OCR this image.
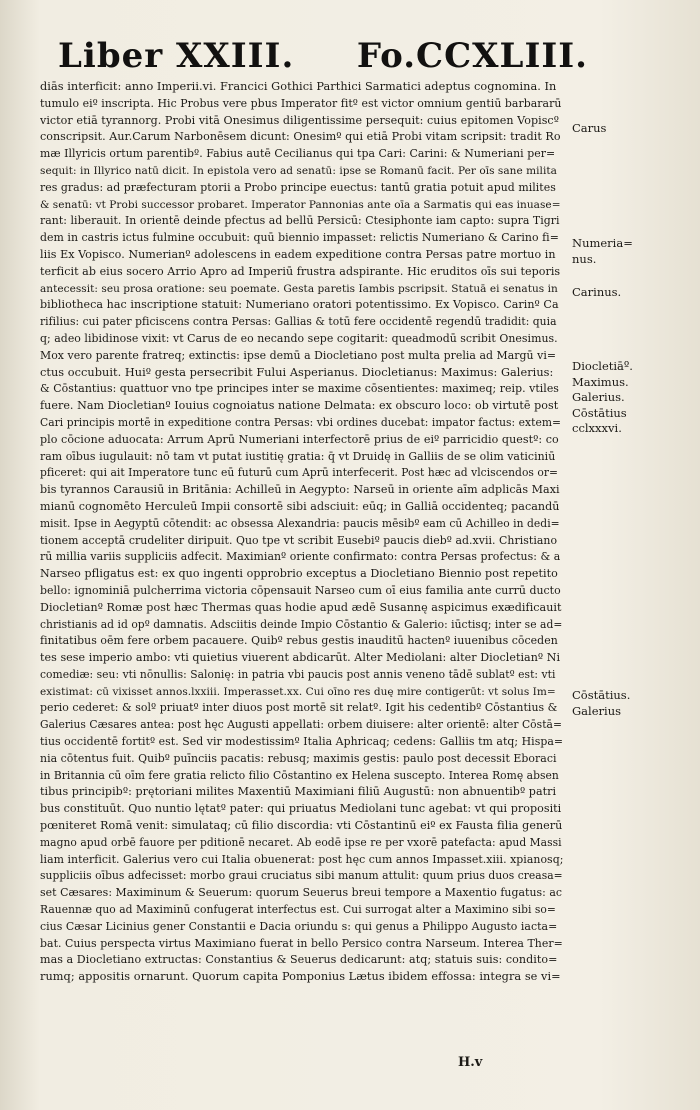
Liber XXIII. Fo.CCXLIII.
diās interficit: anno Imperii.vi. Francici Gothici Parthici Sarmatici adeptus cognomina. In
tumulo eiº inscripta. Hic Probus vere pbus Imperator fitº est victor omnium gentiū barbararū
victor etiā tyrannorg. Probi vitā Onesimus diligentissime persequit: cuius epitomen Vopiscº
conscripsit. Aur.Carum Narbonēsem dicunt: Onesimº qui etiā Probi vitam scripsit: tradit Ro
mæ Illyricis ortum parentibº. Fabius autē Cecilianus qui tpa Cari: Carini: & Numeriani per=
sequit: in Illyrico natū dicit. In epistola vero ad senatū: ipse se Romanū facit. Per oīs sane milita
res gradus: ad præfecturam ptorii a Probo principe euectus: tantū gratia potuit apud milites
& senatū: vt Probi successor probaret. Imperator Pannonias ante oīa a Sarmatis qui eas inuase=
rant: liberauit. In orientē deinde pfectus ad bellū Persicū: Ctesiphonte iam capto: supra Tigri
dem in castris ictus fulmine occubuit: quū biennio impasset: relictis Numeriano & Carino fi=
liis Ex Vopisco. Numerianº adolescens in eadem expeditione contra Persas patre mortuo in
terficit ab eius socero Arrio Apro ad Imperiū frustra adspirante. Hic eruditos oīs sui teporis
antecessit: seu prosa oratione: seu poemate. Gesta paretis Iambis pscripsit. Statuā ei senatus in
bibliotheca hac inscriptione statuit: Numeriano oratori potentissimo. Ex Vopisco. Carinº Ca
rifilius: cui pater pficiscens contra Persas: Gallias & totū fere occidentē regendū tradidit: quia
q; adeo libidinose vixit: vt Carus de eo necando sepe cogitarit: queadmodū scribit Onesimus.
Mox vero parente fratreq; extinctis: ipse demū a Diocletiano post multa prelia ad Margū vi=
ctus occubuit. Huiº gesta persecribit Fului Asperianus. Diocletianus: Maximus: Galerius:
& Cōstantius: quattuor vno tpe principes inter se maxime cōsentientes: maximeq; reip. vtiles
fuere. Nam Diocletianº Iouius cognoiatus natione Delmata: ex obscuro loco: ob virtutē post
Cari principis mortē in expeditione contra Persas: vbi ordines ducebat: impator factus: extem=
plo cōcione aduocata: Arrum Aprū Numeriani interfectorē prius de eiº parricidio questº: co
ram oībus iugulauit: nō tam vt putat iustitię gratia: q̄ vt Druidę in Galliis de se olim vaticiniū
pficeret: qui ait Imperatore tunc eū futurū cum Aprū interfecerit. Post hæc ad vlciscendos or=
bis tyrannos Carausiū in Britānia: Achilleū in Aegypto: Narseū in oriente aīm adplicās Maxi
mianū cognomēto Herculeū Impii consortē sibi adsciuit: eūq; in Galliā occidenteq; pacandū
misit. Ipse in Aegyptū cōtendit: ac obsessa Alexandria: paucis mēsibº eam cū Achilleo in dedi=
tionem acceptā crudeliter diripuit. Quo tpe vt scribit Eusebiº paucis diebº ad.xvii. Christiano
rū millia variis suppliciis adfecit. Maximianº oriente confirmato: contra Persas profectus: & a
Narseo pfligatus est: ex quo ingenti opprobrio exceptus a Diocletiano Biennio post repetito
bello: ignominiā pulcherrima victoria cōpensauit Narseo cum oī eius familia ante currū ducto
Diocletianº Romæ post hæc Thermas quas hodie apud ædē Susannę aspicimus exædificauit
christianis ad id opº damnatis. Adsciitis deinde Impio Cōstantio & Galerio: iūctisq; inter se ad=
finitatibus oēm fere orbem pacauere. Quibº rebus gestis inauditū hactenº iuuenibus cōceden
tes sese imperio ambo: vti quietius viuerent abdicarūt. Alter Mediolani: alter Diocletianº Ni
comediæ: seu: vti nōnullis: Salonię: in patria vbi paucis post annis veneno tādē sublatº est: vti
existimat: cū vixisset annos.lxxiii. Imperasset.xx. Cui oīno res duę mire contigerūt: vt solus Im=
perio cederet: & solº priuatº inter diuos post mortē sit relatº. Igit his cedentibº Cōstantius &
Galerius Cæsares antea: post hęc Augusti appellati: orbem diuisere: alter orientē: alter Cōstā=
tius occidentē fortitº est. Sed vir modestissimº Italia Aphricaq; cedens: Galliis tm atq; Hispa=
nia cōtentus fuit. Quibº puīnciis pacatis: rebusq; maximis gestis: paulo post decessit Eboraci
in Britannia cū oīm fere gratia relicto filio Cōstantino ex Helena suscepto. Interea Romę absen
tibus principibº: prętoriani milites Maxentiū Maximiani filiū Augustū: non abnuentibº patri
bus constituūt. Quo nuntio lętatº pater: qui priuatus Mediolani tunc agebat: vt qui propositi
pœniteret Romā venit: simulataq; cū filio discordia: vti Cōstantinū eiº ex Fausta filia generū
magno apud orbē fauore per pditionē necaret. Ab eodē ipse re per vxorē patefacta: apud Massi
liam interficit. Galerius vero cui Italia obuenerat: post hęc cum annos Impasset.xiii. xpianosq;
suppliciis oībus adfecisset: morbo graui cruciatus sibi manum attulit: quum prius duos creasa=
set Cæsares: Maximinum & Seuerum: quorum Seuerus breui tempore a Maxentio fugatus: ac
Rauennæ quo ad Maximinū confugerat interfectus est. Cui surrogat alter a Maximino sibi so=
cius Cæsar Licinius gener Constantii e Dacia oriundu s: qui genus a Philippo Augusto iacta=
bat. Cuius perspecta virtus Maximiano fuerat in bello Persico contra Narseum. Interea Ther=
mas a Diocletiano extructas: Constantius & Seuerus dedicarunt: atq; statuis suis: condito=
rumq; appositis ornarunt. Quorum capita Pomponius Lætus ibidem effossa: integra se vi=
Carus
Numeria= nus.
Carinus.
Diocletiāº. Maximus. Galerius. Cōstātius cclxxxvi.
Cōstātius. Galerius
H.v
